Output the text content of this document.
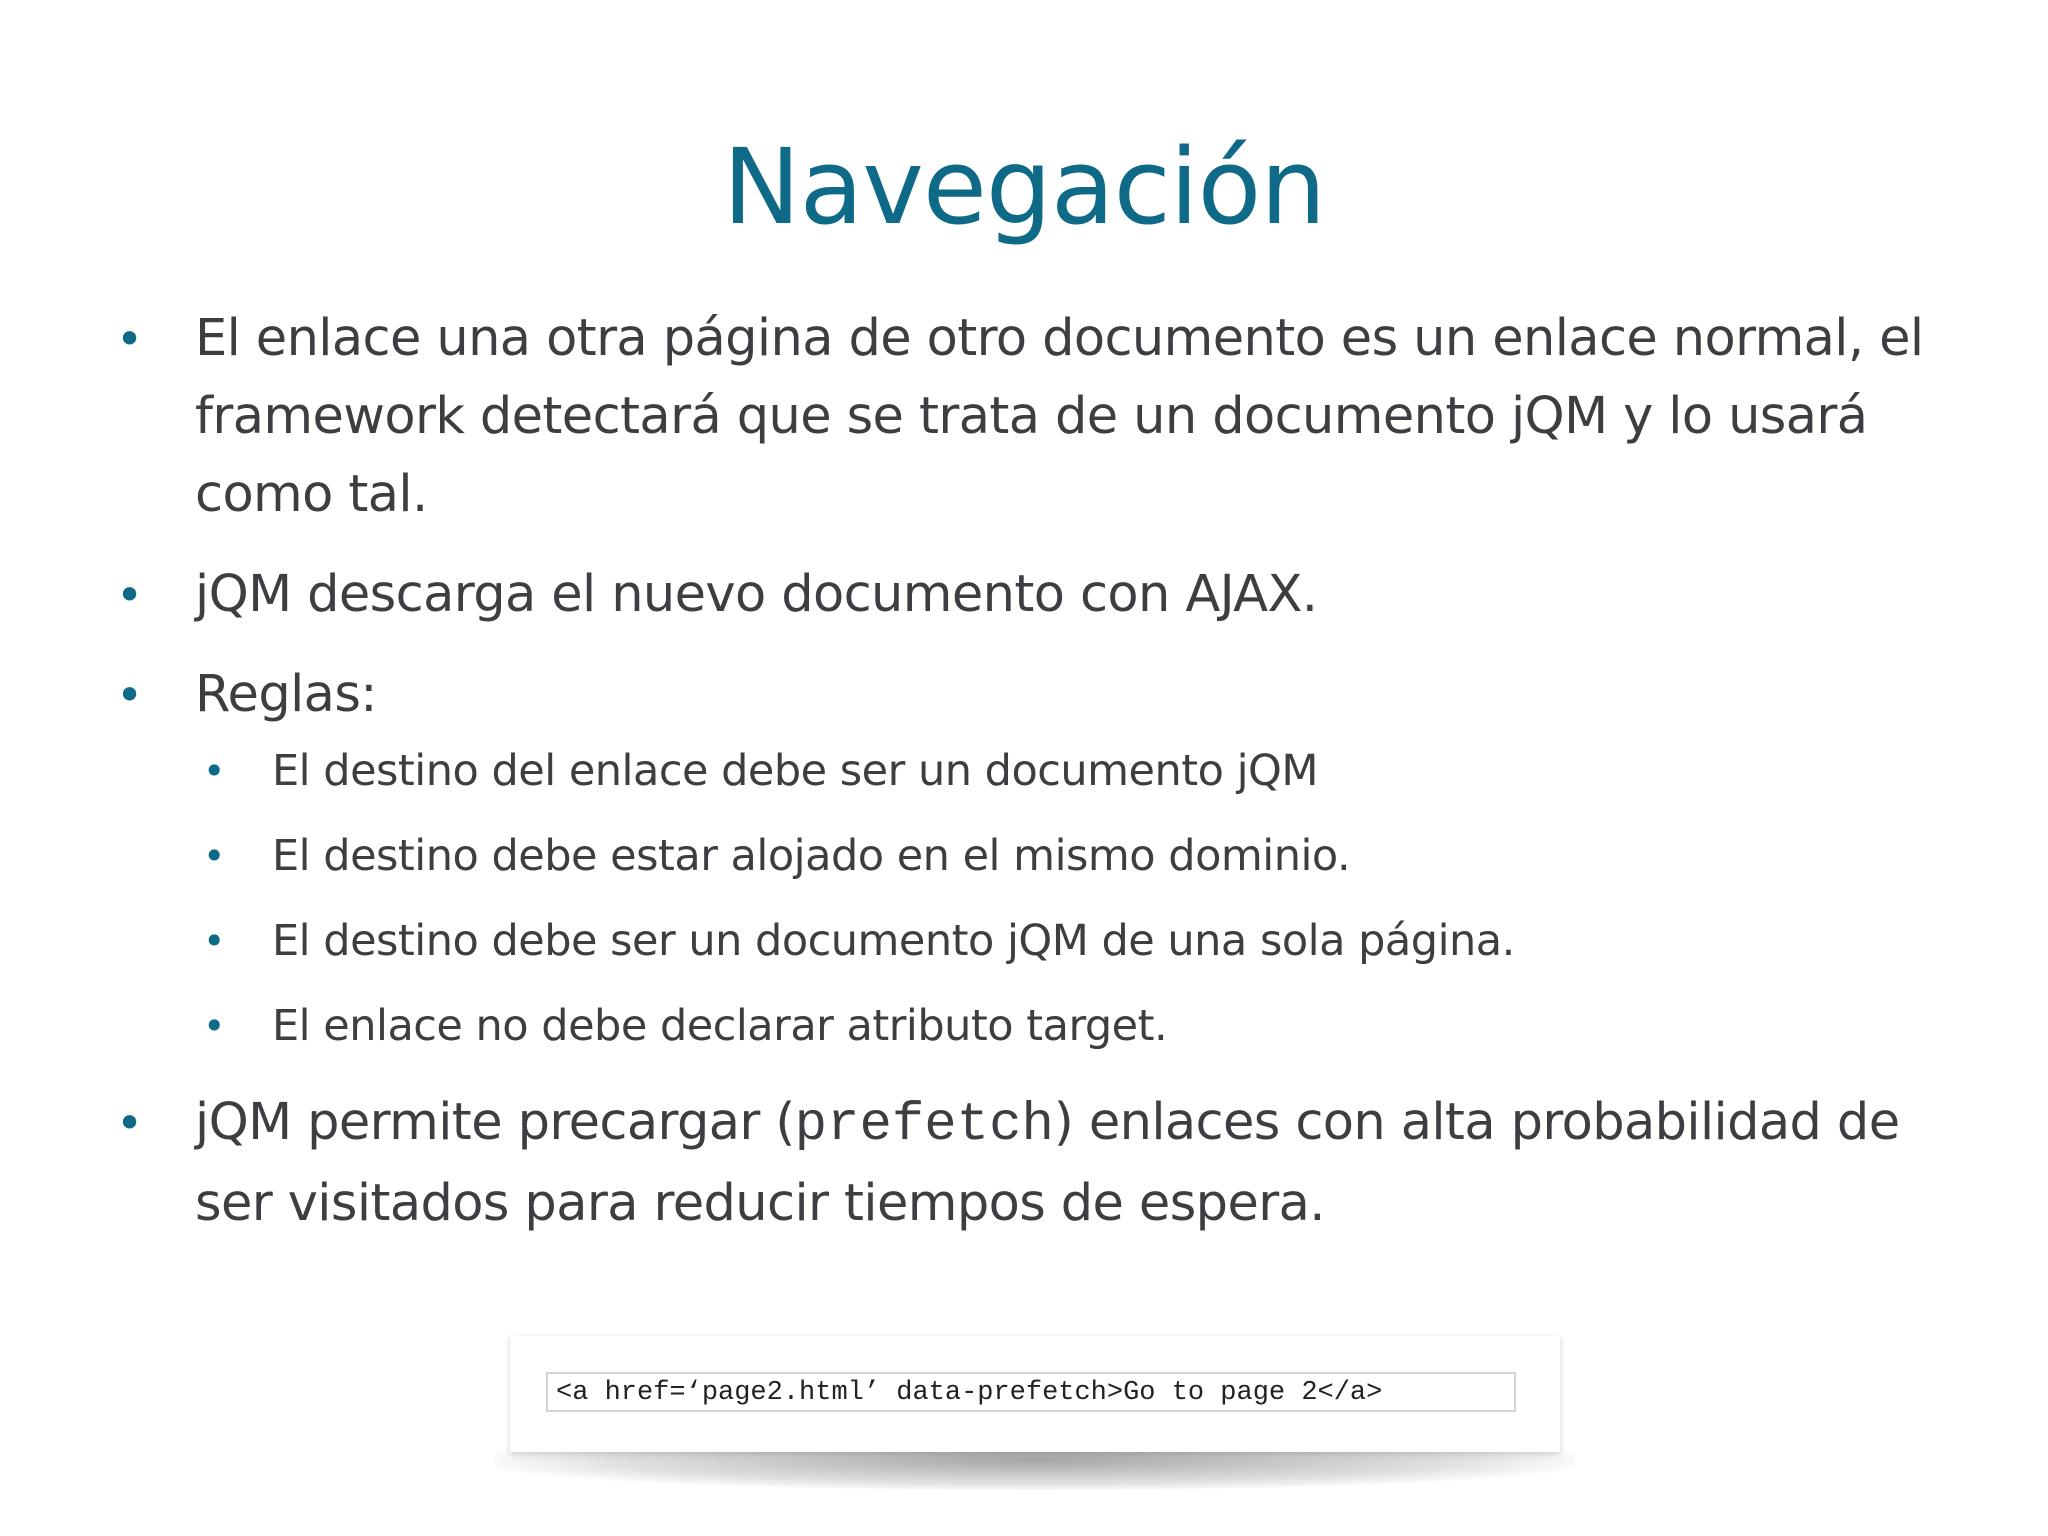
Navegación
• El enlace una otra página de otro documento es un enlace normal, el framework detectará que se trata de un documento jQM y lo usará como tal.
• jQM descarga el nuevo documento con AJAX.
• Reglas:
• El destino del enlace debe ser un documento jQM
• El destino debe estar alojado en el mismo dominio.
• El destino debe ser un documento jQM de una sola página.
• El enlace no debe declarar atributo target.
• jQM permite precargar (prefetch) enlaces con alta probabilidad de ser visitados para reducir tiempos de espera.
<a href=‘page2.html’ data-prefetch>Go to page 2</a>
